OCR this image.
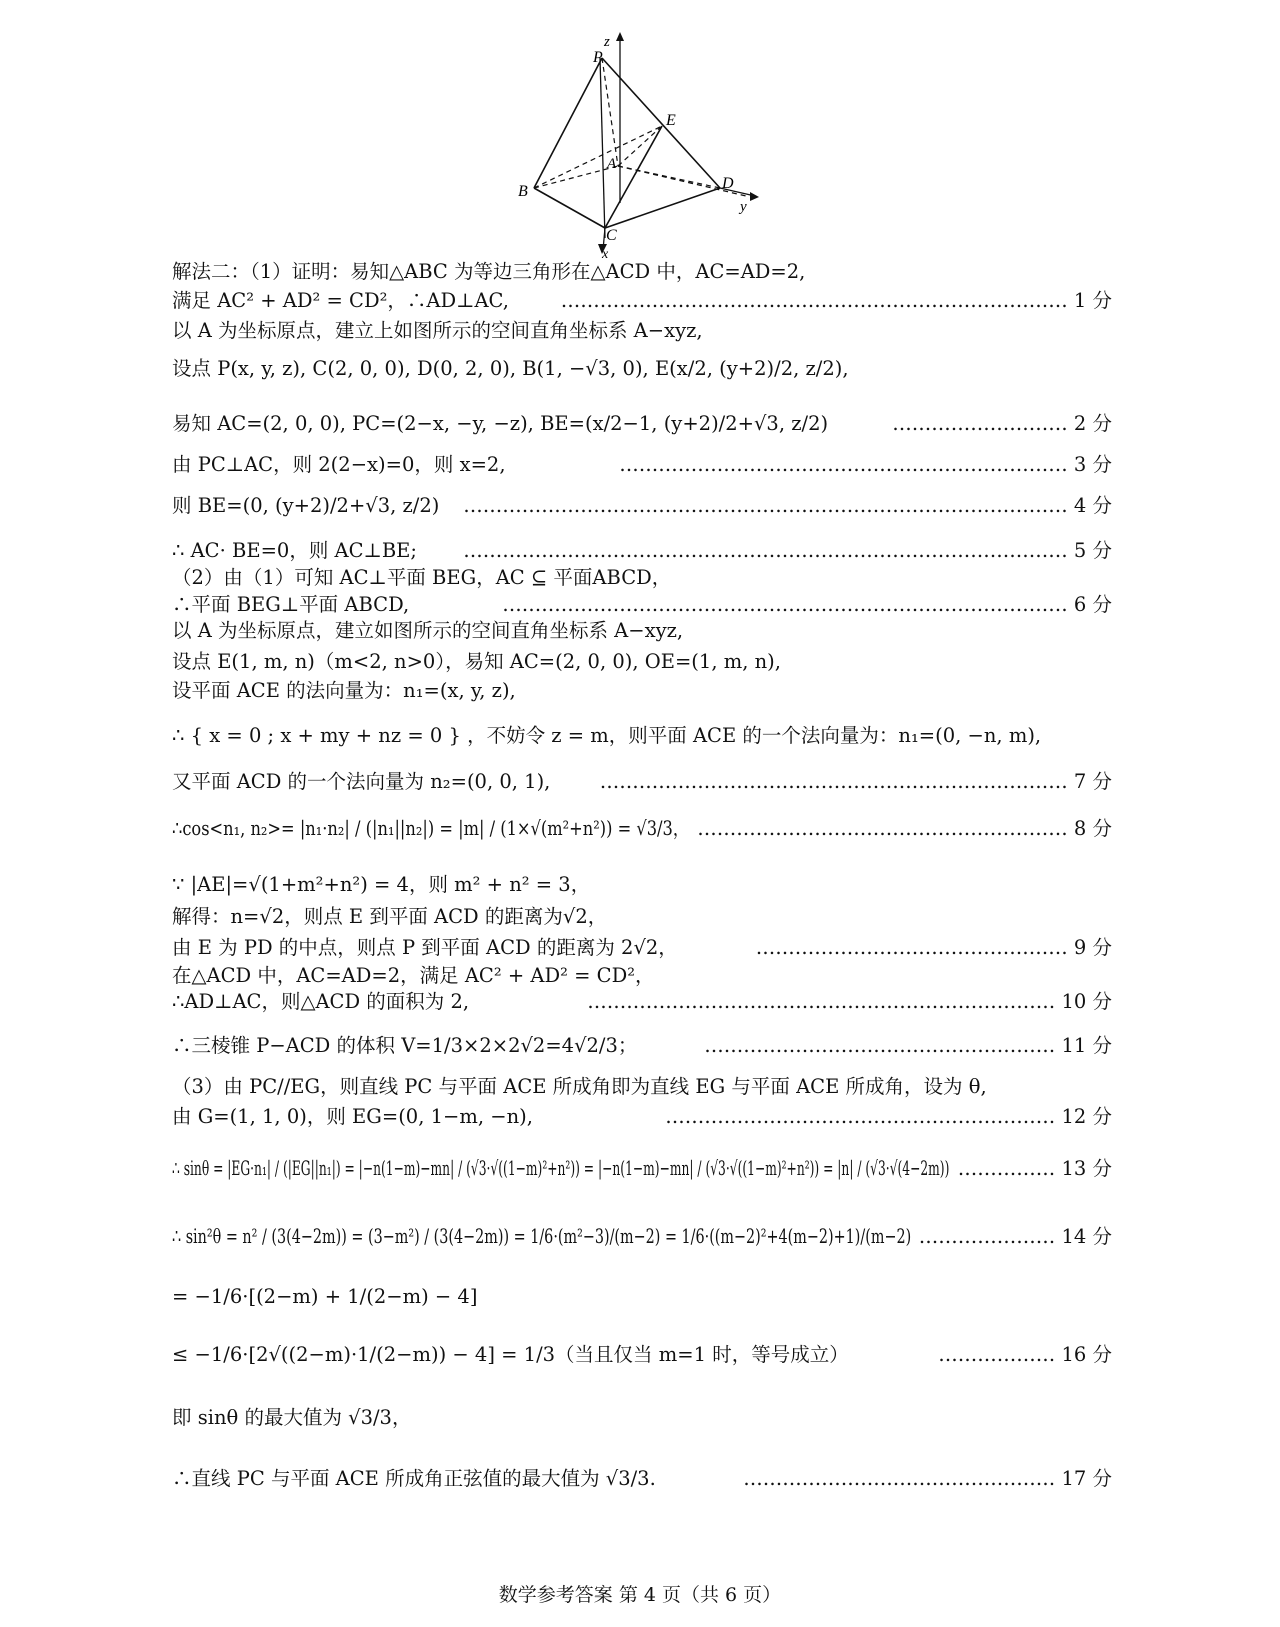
z
P
E
A
B	D
y
C
x
解法二：（1）证明：易知△ABC 为等边三角形在△ACD 中，AC=AD=2,
满足 AC² + AD² = CD²，∴AD⊥AC,	…………………………………………………………………… 1 分
以 A 为坐标原点，建立上如图所示的空间直角坐标系 A−xyz,
设点 P(x, y, z), C(2, 0, 0), D(0, 2, 0), B(1, −√3, 0), E(x/2, (y+2)/2, z/2),
易知 AC=(2, 0, 0), PC=(2−x, −y, −z), BE=(x/2−1, (y+2)/2+√3, z/2)	……………………… 2 分
由 PC⊥AC，则 2(2−x)=0，则 x=2,	…………………………………………………………… 3 分
则 BE=(0, (y+2)/2+√3, z/2) ………………………………………………………………………………… 4 分
∴ AC· BE=0，则 AC⊥BE; ………………………………………………………………………………… 5 分
（2）由（1）可知 AC⊥平面 BEG，AC ⊆ 平面ABCD，
∴平面 BEG⊥平面 ABCD,	…………………………………………………………………………… 6 分
以 A 为坐标原点，建立如图所示的空间直角坐标系 A−xyz,
设点 E(1, m, n)（m<2, n>0），易知 AC=(2, 0, 0), OE=(1, m, n),
设平面 ACE 的法向量为：n₁=(x, y, z),
∴ { x = 0 ; x + my + nz = 0 } ，不妨令 z = m，则平面 ACE 的一个法向量为：n₁=(0, −n, m),
又平面 ACD 的一个法向量为 n₂=(0, 0, 1),	……………………………………………………………… 7 分
∴cos<n₁, n₂>= |n₁·n₂| / (|n₁||n₂|) = |m| / (1×√(m²+n²)) = √3/3， ………………………………………………… 8 分
∵ |AE|=√(1+m²+n²) = 4，则 m² + n² = 3，
解得：n=√2，则点 E 到平面 ACD 的距离为√2，
由 E 为 PD 的中点，则点 P 到平面 ACD 的距离为 2√2，	………………………………………… 9 分
在△ACD 中，AC=AD=2，满足 AC² + AD² = CD²，
∴AD⊥AC，则△ACD 的面积为 2,	……………………………………………………………… 10 分
∴三棱锥 P−ACD 的体积 V=1/3×2×2√2=4√2/3；	……………………………………………… 11 分
（3）由 PC//EG，则直线 PC 与平面 ACE 所成角即为直线 EG 与平面 ACE 所成角，设为 θ,
由 G=(1, 1, 0)，则 EG=(0, 1−m, −n),	…………………………………………………… 12 分
∴ sinθ = |EG·n₁| / (|EG||n₁|) = |−n(1−m)−mn| / (√3·√((1−m)²+n²)) = |−n(1−m)−mn| / (√3·√((1−m)²+n²)) = |n| / (√3·√(4−2m)) …………… 13 分
∴ sin²θ = n² / (3(4−2m)) = (3−m²) / (3(4−2m)) = 1/6·(m²−3)/(m−2) = 1/6·((m−2)²+4(m−2)+1)/(m−2) ………………… 14 分
= −1/6·[(2−m) + 1/(2−m) − 4]
≤ −1/6·[2√((2−m)·1/(2−m)) − 4] = 1/3（当且仅当 m=1 时，等号成立）	……………… 16 分
即 sinθ 的最大值为 √3/3，
∴直线 PC 与平面 ACE 所成角正弦值的最大值为 √3/3.	………………………………………… 17 分
数学参考答案 第 4 页（共 6 页）
